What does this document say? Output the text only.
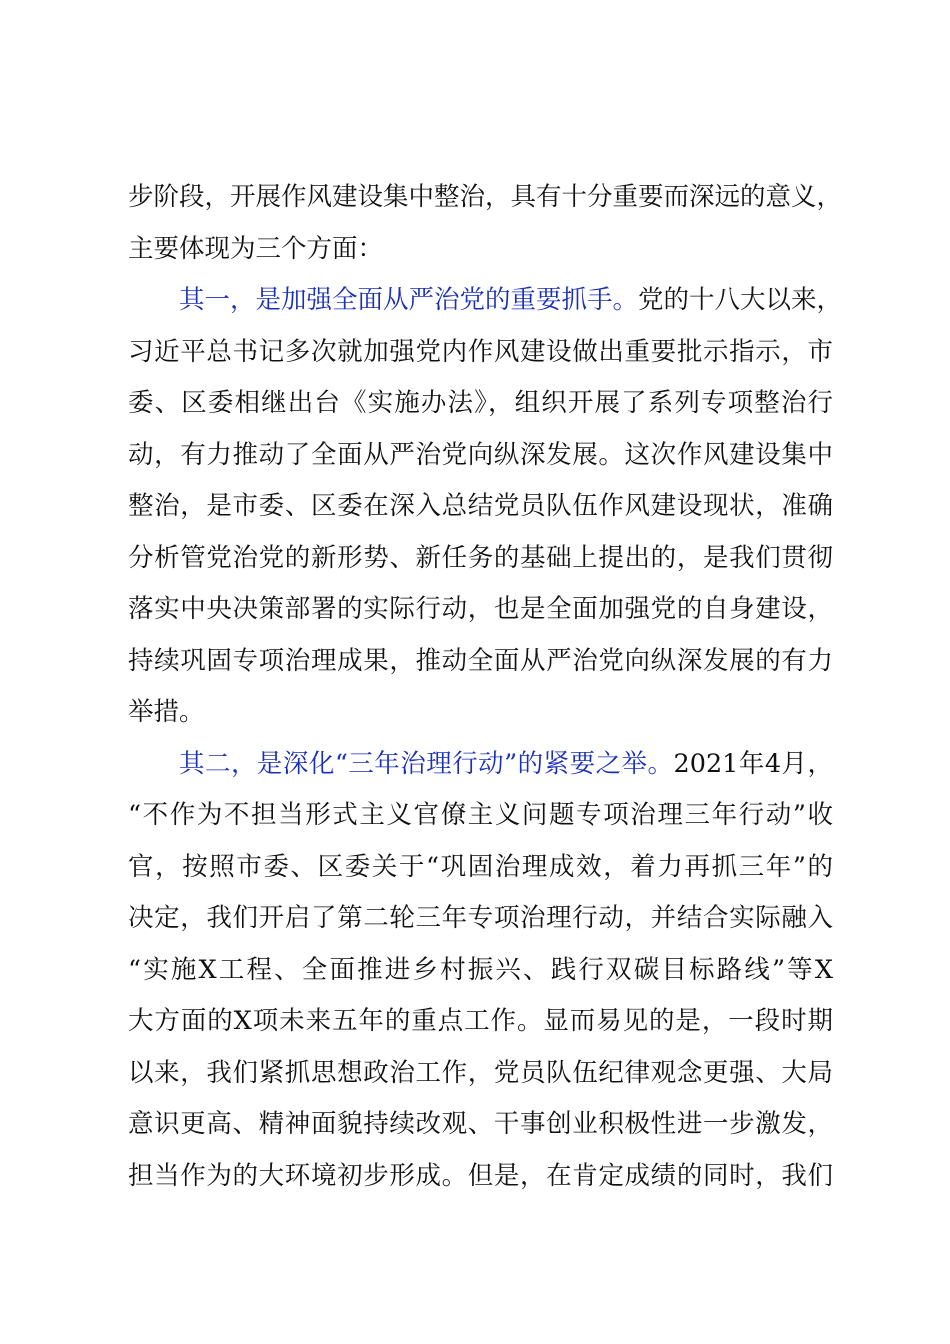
步阶段，开展作风建设集中整治，具有十分重要而深远的意义，
主要体现为三个方面：
其一，是加强全面从严治党的重要抓手。党的十八大以来，
习近平总书记多次就加强党内作风建设做出重要批示指示，市
委、区委相继出台《实施办法》，组织开展了系列专项整治行
动，有力推动了全面从严治党向纵深发展。这次作风建设集中
整治，是市委、区委在深入总结党员队伍作风建设现状，准确
分析管党治党的新形势、新任务的基础上提出的，是我们贯彻
落实中央决策部署的实际行动，也是全面加强党的自身建设，
持续巩固专项治理成果，推动全面从严治党向纵深发展的有力
举措。
其二，是深化“三年治理行动”的紧要之举。2021年4月，
“不作为不担当形式主义官僚主义问题专项治理三年行动”收
官，按照市委、区委关于“巩固治理成效，着力再抓三年”的
决定，我们开启了第二轮三年专项治理行动，并结合实际融入
“实施X工程、全面推进乡村振兴、践行双碳目标路线”等X
大方面的X项未来五年的重点工作。显而易见的是，一段时期
以来，我们紧抓思想政治工作，党员队伍纪律观念更强、大局
意识更高、精神面貌持续改观、干事创业积极性进一步激发，
担当作为的大环境初步形成。但是，在肯定成绩的同时，我们
